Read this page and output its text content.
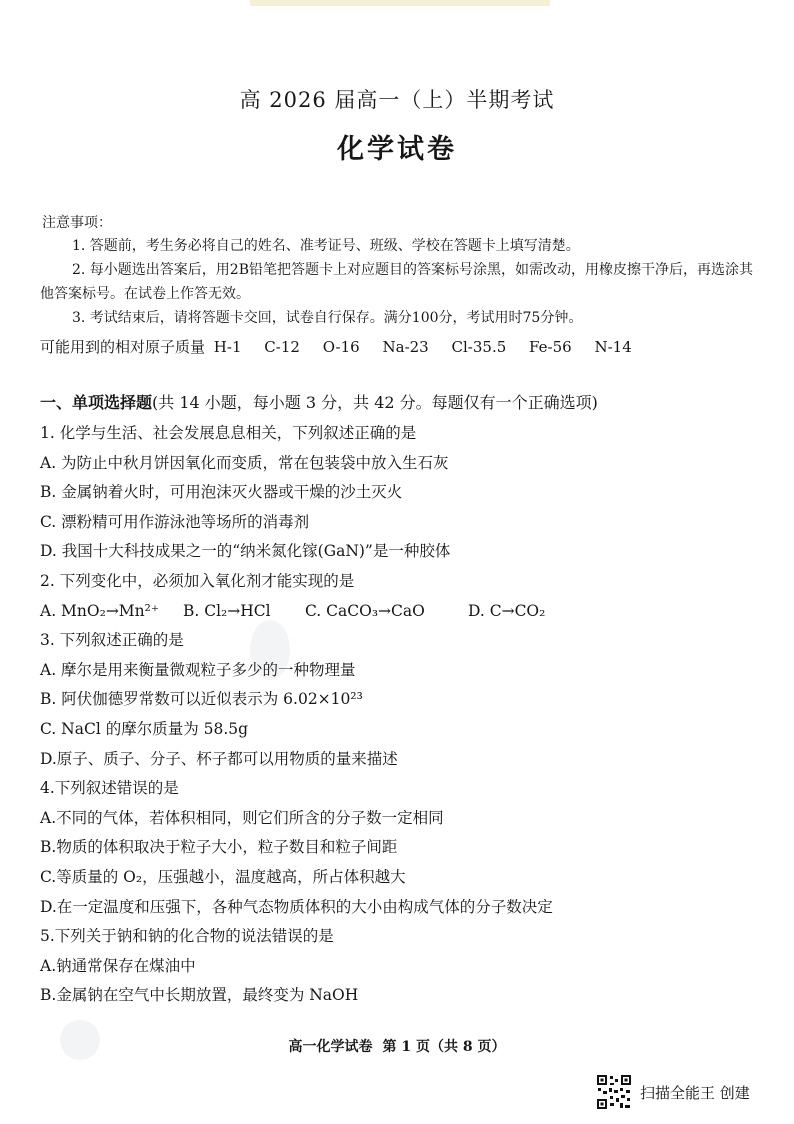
高 2026 届高一（上）半期考试
化学试卷
注意事项：
1. 答题前，考生务必将自己的姓名、准考证号、班级、学校在答题卡上填写清楚。
2. 每小题选出答案后，用2B铅笔把答题卡上对应题目的答案标号涂黑，如需改动，用橡皮擦干净后，再选涂其他答案标号。在试卷上作答无效。
3. 考试结束后，请将答题卡交回，试卷自行保存。满分100分，考试用时75分钟。
可能用到的相对原子质量 H-1 C-12 O-16 Na-23 Cl-35.5 Fe-56 N-14
一、单项选择题(共 14 小题，每小题 3 分，共 42 分。每题仅有一个正确选项)
1. 化学与生活、社会发展息息相关，下列叙述正确的是
A. 为防止中秋月饼因氧化而变质，常在包装袋中放入生石灰
B. 金属钠着火时，可用泡沫灭火器或干燥的沙土灭火
C. 漂粉精可用作游泳池等场所的消毒剂
D. 我国十大科技成果之一的“纳米氮化镓(GaN)”是一种胶体
2. 下列变化中，必须加入氧化剂才能实现的是
A. MnO₂→Mn²⁺ B. Cl₂→HCl C. CaCO₃→CaO	D. C→CO₂
3. 下列叙述正确的是
A. 摩尔是用来衡量微观粒子多少的一种物理量
B. 阿伏伽德罗常数可以近似表示为 6.02×10²³
C. NaCl 的摩尔质量为 58.5g
D.原子、质子、分子、杯子都可以用物质的量来描述
4.下列叙述错误的是
A.不同的气体，若体积相同，则它们所含的分子数一定相同
B.物质的体积取决于粒子大小，粒子数目和粒子间距
C.等质量的 O₂，压强越小，温度越高，所占体积越大
D.在一定温度和压强下，各种气态物质体积的大小由构成气体的分子数决定
5.下列关于钠和钠的化合物的说法错误的是
A.钠通常保存在煤油中
B.金属钠在空气中长期放置，最终变为 NaOH
高一化学试卷 第 1 页（共 8 页）
扫描全能王 创建
